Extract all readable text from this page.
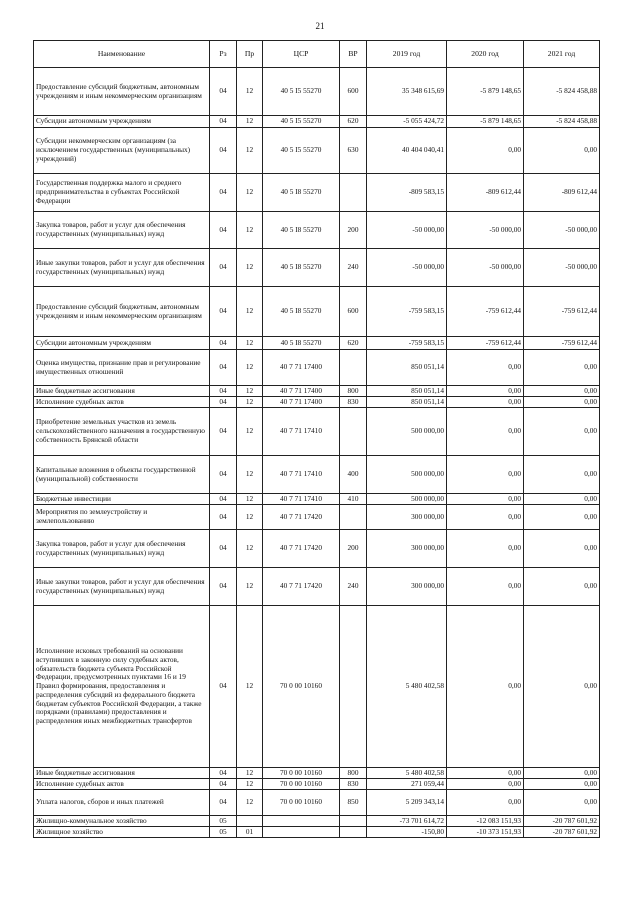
21
Наименование	Рз	Пр	ЦСР	ВР	2019 год	2020 год	2021 год
Предоставление субсидий бюджетным, автономным учреждениям и иным некоммерческим организациям	04	12	40 5 I5 55270	600	35 348 615,69	-5 879 148,65	-5 824 458,88
Субсидии автономным учреждениям	04	12	40 5 I5 55270	620	-5 055 424,72	-5 879 148,65	-5 824 458,88
Субсидии некоммерческим организациям (за исключением государственных (муниципальных) учреждений)	04	12	40 5 I5 55270	630	40 404 040,41	0,00	0,00
Государственная поддержка малого и среднего предпринимательства в субъектах Российской Федерации	04	12	40 5 I8 55270		-809 583,15	-809 612,44	-809 612,44
Закупка товаров, работ и услуг для обеспечения государственных (муниципальных) нужд	04	12	40 5 I8 55270	200	-50 000,00	-50 000,00	-50 000,00
Иные закупки товаров, работ и услуг для обеспечения государственных (муниципальных) нужд	04	12	40 5 I8 55270	240	-50 000,00	-50 000,00	-50 000,00
Предоставление субсидий бюджетным, автономным учреждениям и иным некоммерческим организациям	04	12	40 5 I8 55270	600	-759 583,15	-759 612,44	-759 612,44
Субсидии автономным учреждениям	04	12	40 5 I8 55270	620	-759 583,15	-759 612,44	-759 612,44
Оценка имущества, признание прав и регулирование имущественных отношений	04	12	40 7 71 17400		850 051,14	0,00	0,00
Иные бюджетные ассигнования	04	12	40 7 71 17400	800	850 051,14	0,00	0,00
Исполнение судебных актов	04	12	40 7 71 17400	830	850 051,14	0,00	0,00
Приобретение земельных участков из земель сельскохозяйственного назначения в государственную собственность Брянской области	04	12	40 7 71 17410		500 000,00	0,00	0,00
Капитальные вложения в объекты государственной (муниципальной) собственности	04	12	40 7 71 17410	400	500 000,00	0,00	0,00
Бюджетные инвестиции	04	12	40 7 71 17410	410	500 000,00	0,00	0,00
Мероприятия по землеустройству и землепользованию	04	12	40 7 71 17420		300 000,00	0,00	0,00
Закупка товаров, работ и услуг для обеспечения государственных (муниципальных) нужд	04	12	40 7 71 17420	200	300 000,00	0,00	0,00
Иные закупки товаров, работ и услуг для обеспечения государственных (муниципальных) нужд	04	12	40 7 71 17420	240	300 000,00	0,00	0,00
Исполнение исковых требований на основании вступивших в законную силу судебных актов, обязательств бюджета субъекта Российской Федерации, предусмотренных пунктами 16 и 19 Правил формирования, предоставления и распределения субсидий из федерального бюджета бюджетам субъектов Российской Федерации, а также порядками (правилами) предоставления и распределения иных межбюджетных трансфертов	04	12	70 0 00 10160		5 480 402,58	0,00	0,00
Иные бюджетные ассигнования	04	12	70 0 00 10160	800	5 480 402,58	0,00	0,00
Исполнение судебных актов	04	12	70 0 00 10160	830	271 059,44	0,00	0,00
Уплата налогов, сборов и иных платежей	04	12	70 0 00 10160	850	5 209 343,14	0,00	0,00
Жилищно-коммунальное хозяйство	05				-73 701 614,72	-12 083 151,93	-20 787 601,92
Жилищное хозяйство	05	01			-150,80	-10 373 151,93	-20 787 601,92
